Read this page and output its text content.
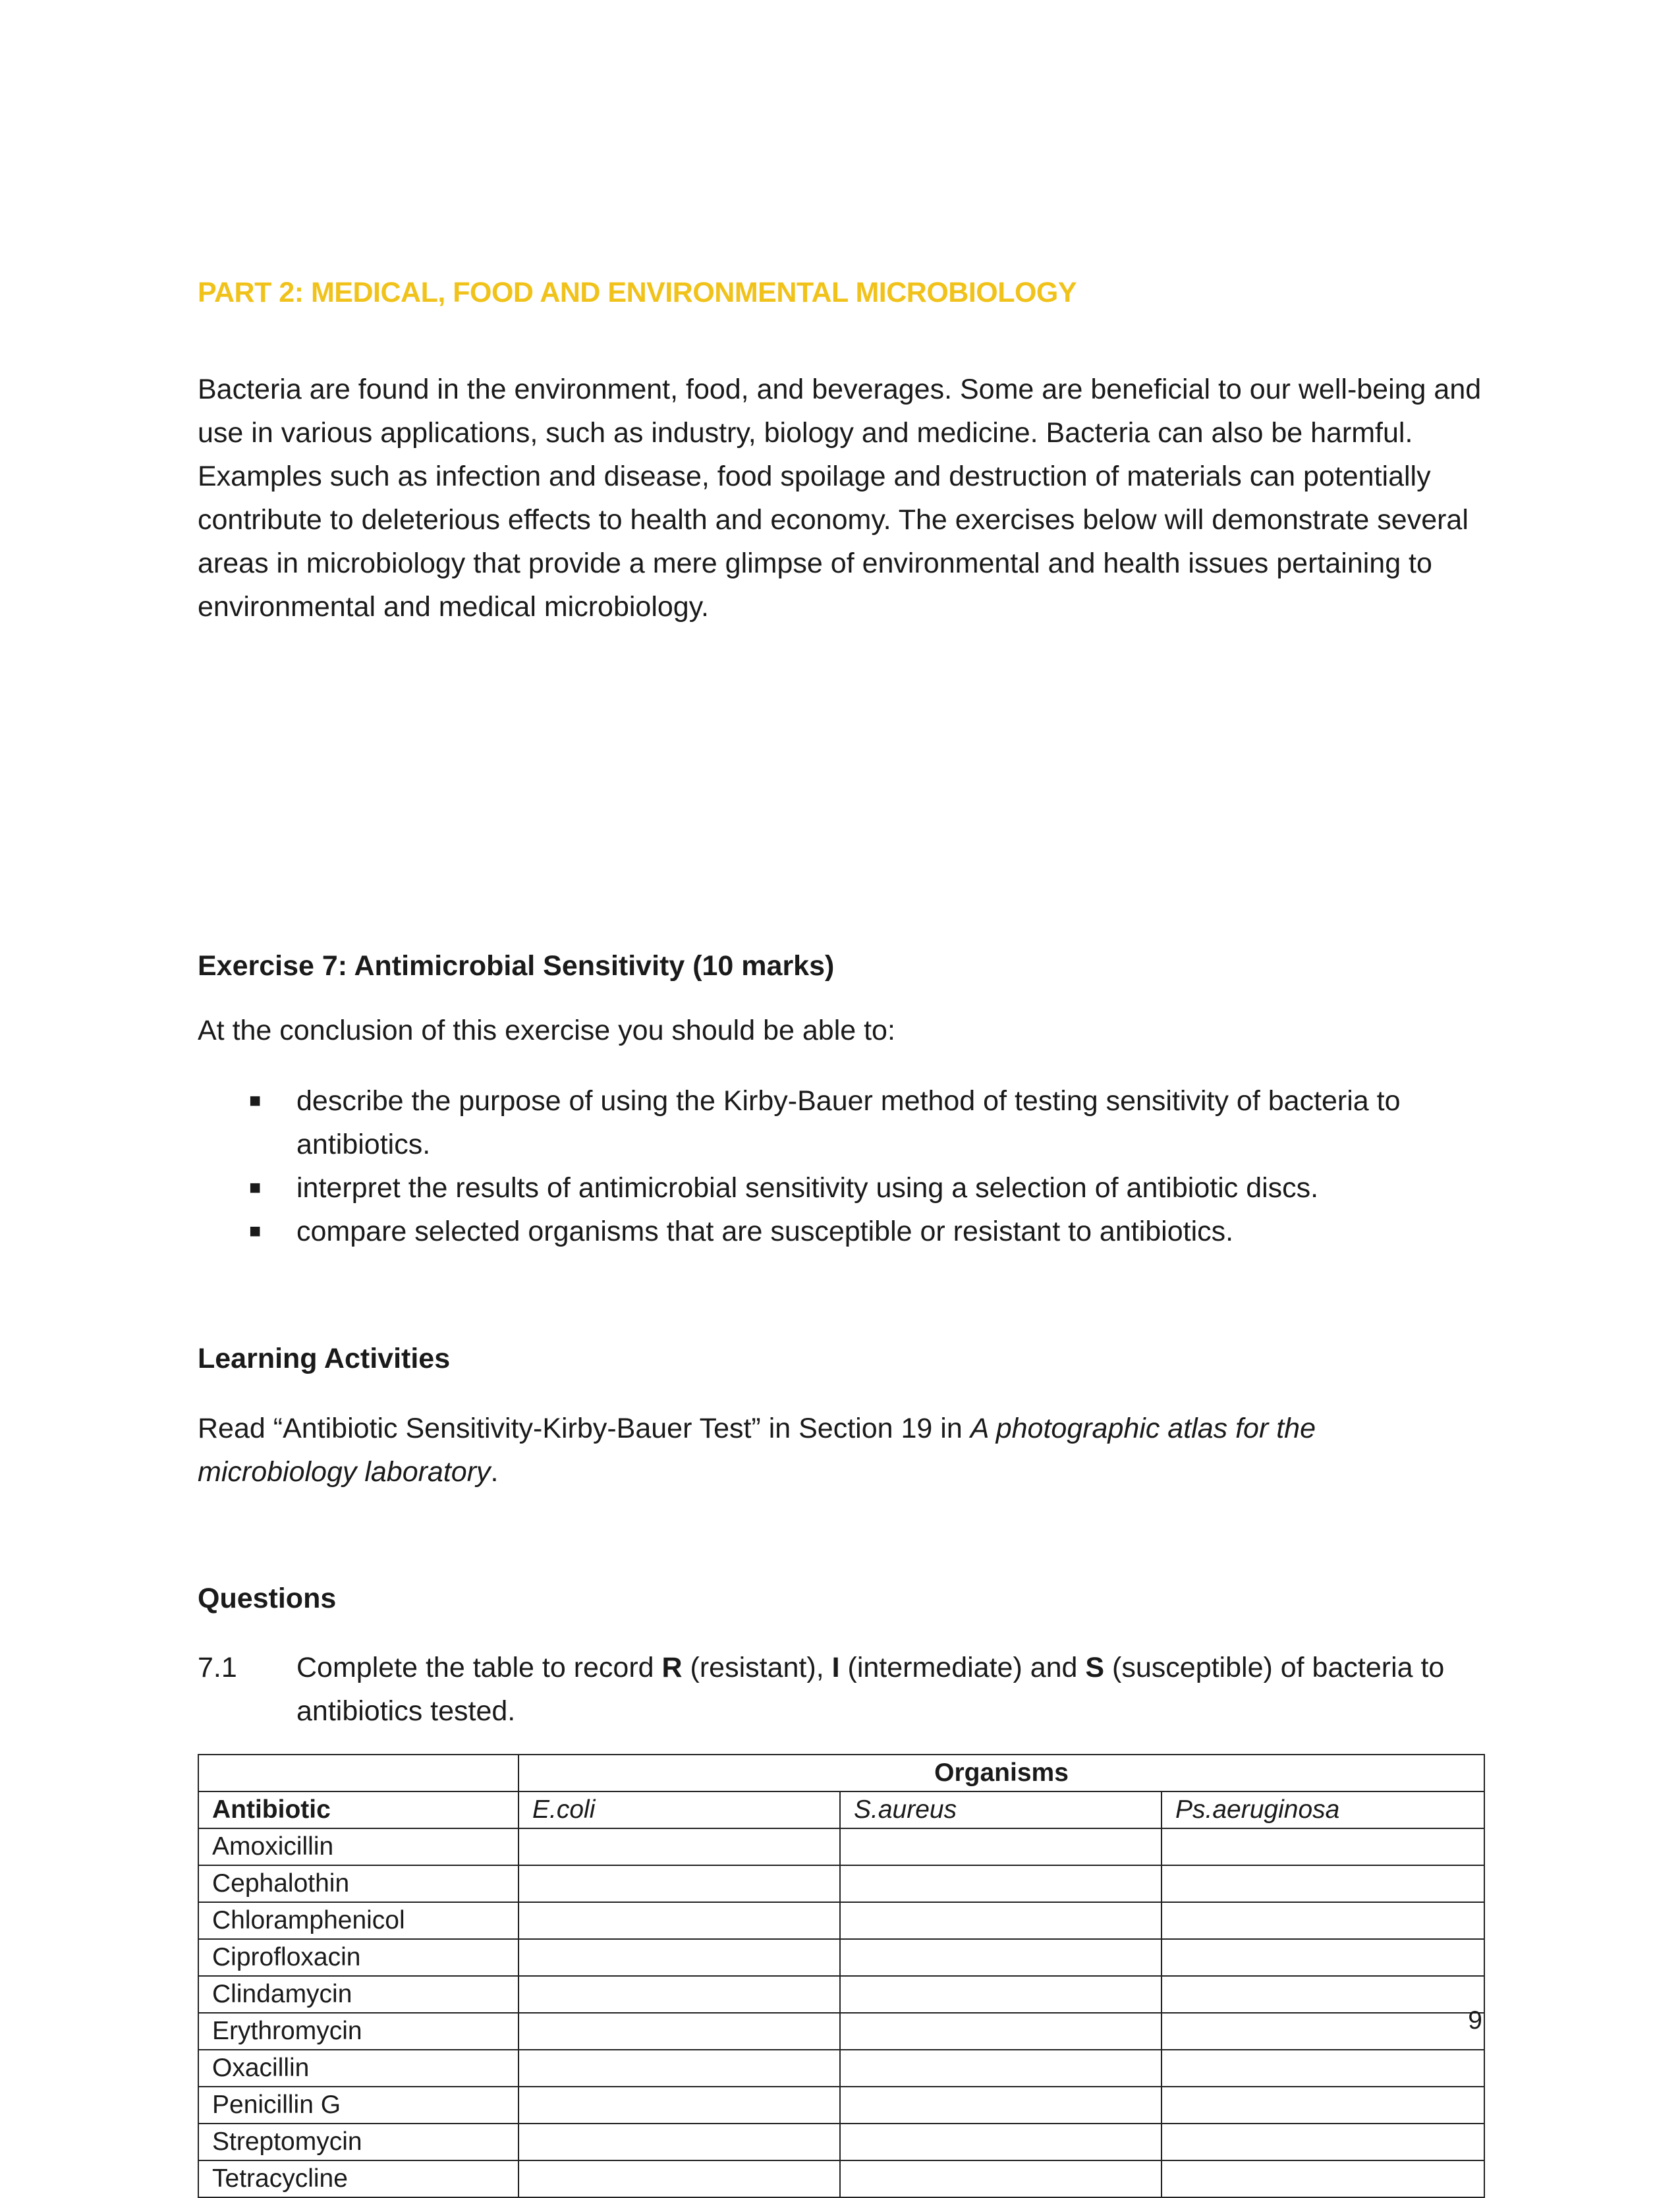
PART 2: MEDICAL, FOOD AND ENVIRONMENTAL MICROBIOLOGY

Bacteria are found in the environment, food, and beverages. Some are beneficial to our well-being and use in various applications, such as industry, biology and medicine. Bacteria can also be harmful. Examples such as infection and disease, food spoilage and destruction of materials can potentially contribute to deleterious effects to health and economy. The exercises below will demonstrate several areas in microbiology that provide a mere glimpse of environmental and health issues pertaining to environmental and medical microbiology.

Exercise 7: Antimicrobial Sensitivity (10 marks)

At the conclusion of this exercise you should be able to:

■ describe the purpose of using the Kirby-Bauer method of testing sensitivity of bacteria to antibiotics.
■ interpret the results of antimicrobial sensitivity using a selection of antibiotic discs.
■ compare selected organisms that are susceptible or resistant to antibiotics.
Learning Activities

Read “Antibiotic Sensitivity-Kirby-Bauer Test” in Section 19 in A photographic atlas for the microbiology laboratory.

Questions
7.1 Complete the table to record R (resistant), I (intermediate) and S (susceptible) of bacteria to antibiotics tested.
	Organisms		
Antibiotic	E.coli	S.aureus	Ps.aeruginosa
Amoxicillin			
Cephalothin			
Chloramphenicol			
Ciprofloxacin			
Clindamycin			
Erythromycin			
Oxacillin			
Penicillin G			
Streptomycin			
Tetracycline			
9
